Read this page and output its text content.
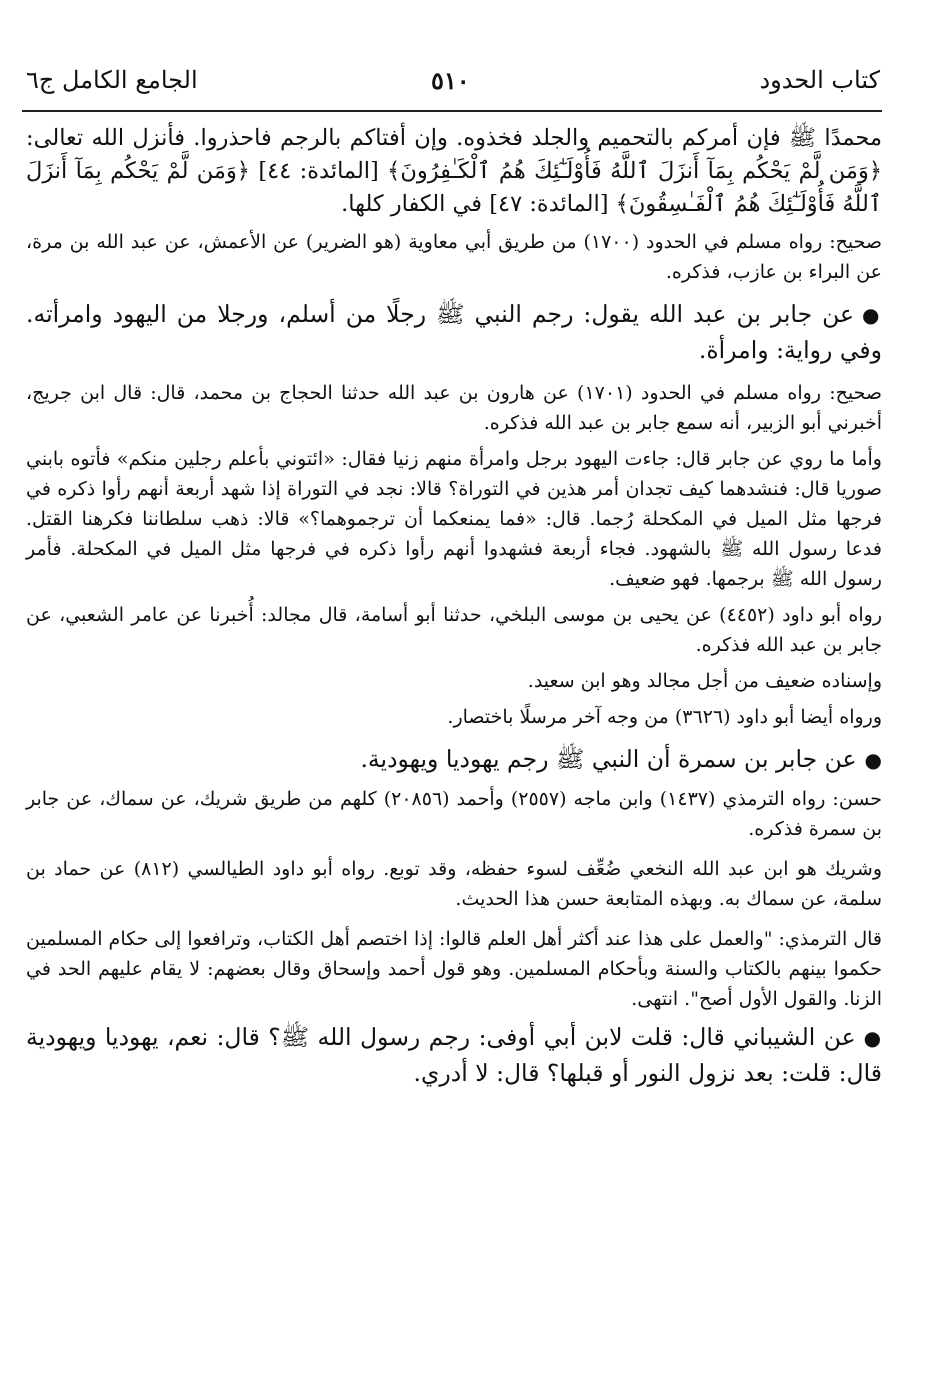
كتاب الحدود
٥١٠
الجامع الكامل ج٦

محمدًا ﷺ فإن أمركم بالتحميم والجلد فخذوه. وإن أفتاكم بالرجم فاحذروا. فأنزل الله تعالى: ﴿وَمَن لَّمْ يَحْكُم بِمَآ أَنزَلَ ٱللَّهُ فَأُوْلَـٰٓئِكَ هُمُ ٱلْكَـٰفِرُونَ﴾ [المائدة: ٤٤] ﴿وَمَن لَّمْ يَحْكُم بِمَآ أَنزَلَ ٱللَّهُ فَأُوْلَـٰٓئِكَ هُمُ ٱلْفَـٰسِقُونَ﴾ [المائدة: ٤٧] في الكفار كلها.

صحيح: رواه مسلم في الحدود (١٧٠٠) من طريق أبي معاوية (هو الضرير) عن الأعمش، عن عبد الله بن مرة، عن البراء بن عازب، فذكره.

●عن جابر بن عبد الله يقول: رجم النبي ﷺ رجلًا من أسلم، ورجلا من اليهود وامرأته. وفي رواية: وامرأة.

صحيح: رواه مسلم في الحدود (١٧٠١) عن هارون بن عبد الله حدثنا الحجاج بن محمد، قال: قال ابن جريج، أخبرني أبو الزبير، أنه سمع جابر بن عبد الله فذكره.

وأما ما روي عن جابر قال: جاءت اليهود برجل وامرأة منهم زنيا فقال: «ائتوني بأعلم رجلين منكم» فأتوه بابني صوريا قال: فنشدهما كيف تجدان أمر هذين في التوراة؟ قالا: نجد في التوراة إذا شهد أربعة أنهم رأوا ذكره في فرجها مثل الميل في المكحلة رُجما. قال: «فما يمنعكما أن ترجموهما؟» قالا: ذهب سلطاننا فكرهنا القتل. فدعا رسول الله ﷺ بالشهود. فجاء أربعة فشهدوا أنهم رأوا ذكره في فرجها مثل الميل في المكحلة. فأمر رسول الله ﷺ برجمها. فهو ضعيف.

رواه أبو داود (٤٤٥٢) عن يحيى بن موسى البلخي، حدثنا أبو أسامة، قال مجالد: أُخبرنا عن عامر الشعبي، عن جابر بن عبد الله فذكره.

وإسناده ضعيف من أجل مجالد وهو ابن سعيد.

ورواه أيضا أبو داود (٣٦٢٦) من وجه آخر مرسلًا باختصار.

●عن جابر بن سمرة أن النبي ﷺ رجم يهوديا ويهودية.

حسن: رواه الترمذي (١٤٣٧) وابن ماجه (٢٥٥٧) وأحمد (٢٠٨٥٦) كلهم من طريق شريك، عن سماك، عن جابر بن سمرة فذكره.

وشريك هو ابن عبد الله النخعي ضُعِّف لسوء حفظه، وقد توبع. رواه أبو داود الطيالسي (٨١٢) عن حماد بن سلمة، عن سماك به. وبهذه المتابعة حسن هذا الحديث.

قال الترمذي: "والعمل على هذا عند أكثر أهل العلم قالوا: إذا اختصم أهل الكتاب، وترافعوا إلى حكام المسلمين حكموا بينهم بالكتاب والسنة وبأحكام المسلمين. وهو قول أحمد وإسحاق وقال بعضهم: لا يقام عليهم الحد في الزنا. والقول الأول أصح". انتهى.

●عن الشيباني قال: قلت لابن أبي أوفى: رجم رسول الله ﷺ؟ قال: نعم، يهوديا ويهودية قال: قلت: بعد نزول النور أو قبلها؟ قال: لا أدري.
